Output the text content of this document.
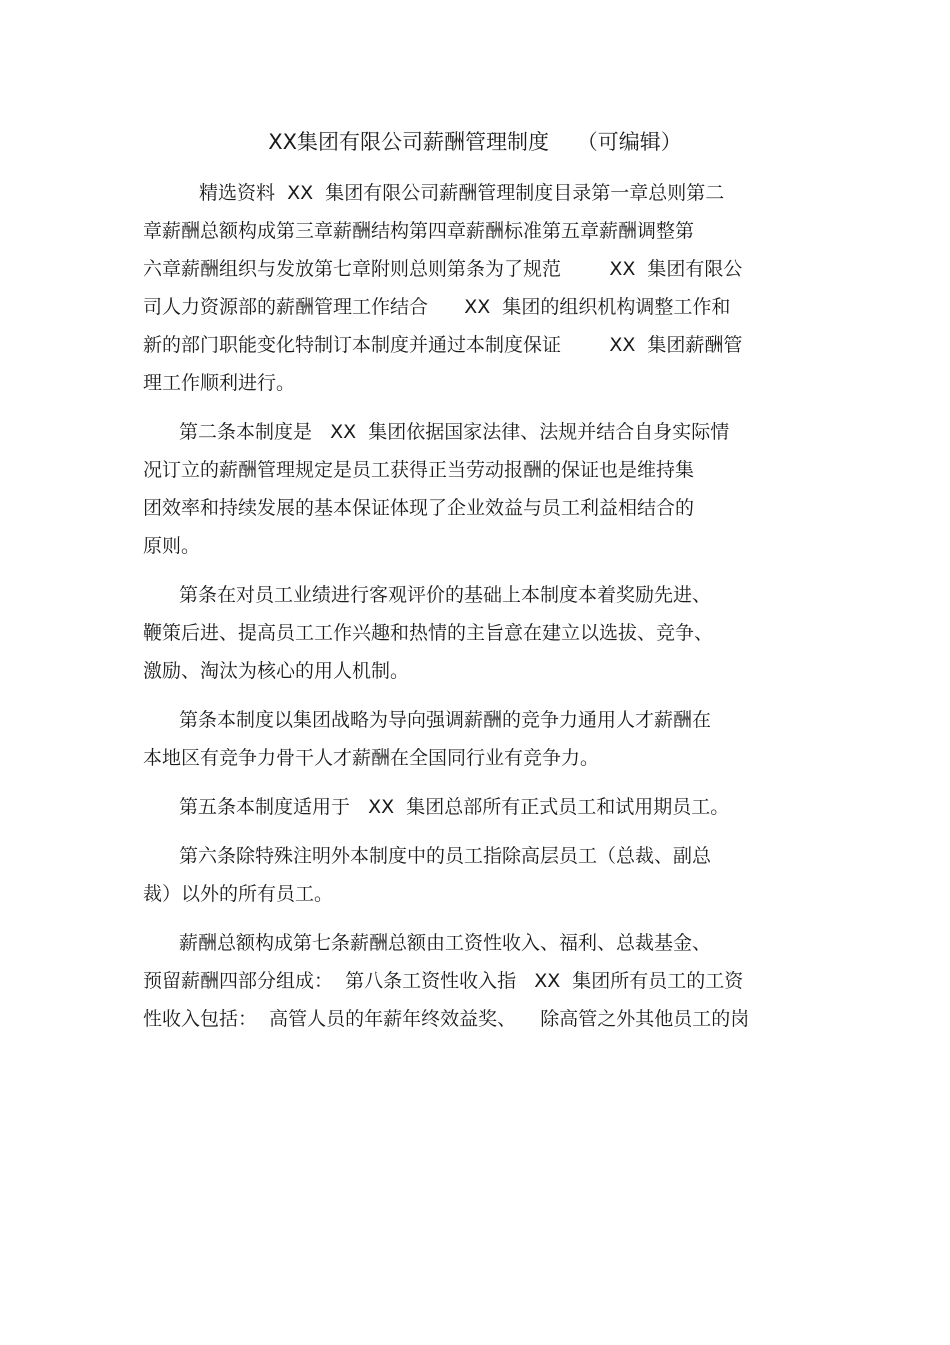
XX集团有限公司薪酬管理制度　 （可编辑）
精选资料  XX  集团有限公司薪酬管理制度目录第一章总则第二
章薪酬总额构成第三章薪酬结构第四章薪酬标准第五章薪酬调整第
六章薪酬组织与发放第七章附则总则第条为了规范        XX  集团有限公
司人力资源部的薪酬管理工作结合      XX  集团的组织机构调整工作和
新的部门职能变化特制订本制度并通过本制度保证        XX  集团薪酬管
理工作顺利进行。
第二条本制度是   XX  集团依据国家法律、法规并结合自身实际情
况订立的薪酬管理规定是员工获得正当劳动报酬的保证也是维持集
团效率和持续发展的基本保证体现了企业效益与员工利益相结合的
原则。
第条在对员工业绩进行客观评价的基础上本制度本着奖励先进、
鞭策后进、提高员工工作兴趣和热情的主旨意在建立以选拔、竞争、
激励、淘汰为核心的用人机制。
第条本制度以集团战略为导向强调薪酬的竞争力通用人才薪酬在
本地区有竞争力骨干人才薪酬在全国同行业有竞争力。
第五条本制度适用于   XX  集团总部所有正式员工和试用期员工。
第六条除特殊注明外本制度中的员工指除高层员工（总裁、副总
裁）以外的所有员工。
薪酬总额构成第七条薪酬总额由工资性收入、福利、总裁基金、
预留薪酬四部分组成：  第八条工资性收入指   XX  集团所有员工的工资
性收入包括：  高管人员的年薪年终效益奖、    除高管之外其他员工的岗
